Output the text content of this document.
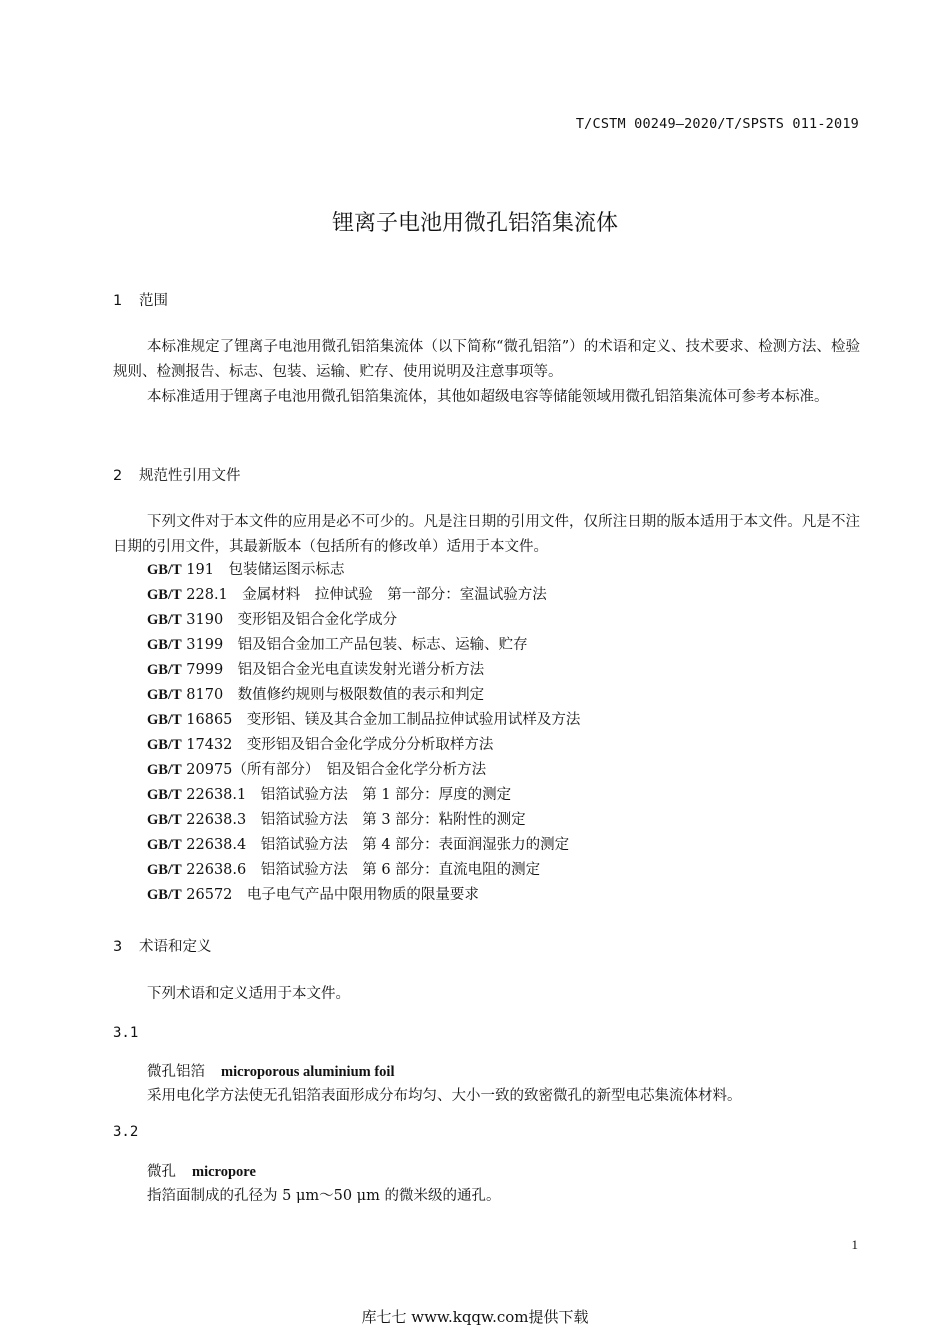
T/CSTM 00249—2020/T/SPSTS 011-2019
锂离子电池用微孔铝箔集流体
1 范围
本标准规定了锂离子电池用微孔铝箔集流体（以下简称“微孔铝箔”）的术语和定义、技术要求、检测方法、检验规则、检测报告、标志、包装、运输、贮存、使用说明及注意事项等。
本标准适用于锂离子电池用微孔铝箔集流体，其他如超级电容等储能领域用微孔铝箔集流体可参考本标准。
2 规范性引用文件
下列文件对于本文件的应用是必不可少的。凡是注日期的引用文件，仅所注日期的版本适用于本文件。凡是不注日期的引用文件，其最新版本（包括所有的修改单）适用于本文件。
GB/T 191　包装储运图示标志
GB/T 228.1　金属材料　拉伸试验　第一部分：室温试验方法
GB/T 3190　变形铝及铝合金化学成分
GB/T 3199　铝及铝合金加工产品包装、标志、运输、贮存
GB/T 7999　铝及铝合金光电直读发射光谱分析方法
GB/T 8170　数值修约规则与极限数值的表示和判定
GB/T 16865　变形铝、镁及其合金加工制品拉伸试验用试样及方法
GB/T 17432　变形铝及铝合金化学成分分析取样方法
GB/T 20975（所有部分）　铝及铝合金化学分析方法
GB/T 22638.1　铝箔试验方法　第 1 部分：厚度的测定
GB/T 22638.3　铝箔试验方法　第 3 部分：粘附性的测定
GB/T 22638.4　铝箔试验方法　第 4 部分：表面润湿张力的测定
GB/T 22638.6　铝箔试验方法　第 6 部分：直流电阻的测定
GB/T 26572　电子电气产品中限用物质的限量要求
3 术语和定义
下列术语和定义适用于本文件。
3.1
微孔铝箔 microporous aluminium foil
采用电化学方法使无孔铝箔表面形成分布均匀、大小一致的致密微孔的新型电芯集流体材料。
3.2
微孔 micropore
指箔面制成的孔径为 5 μm～50 μm 的微米级的通孔。
1
库七七 www.kqqw.com提供下载
